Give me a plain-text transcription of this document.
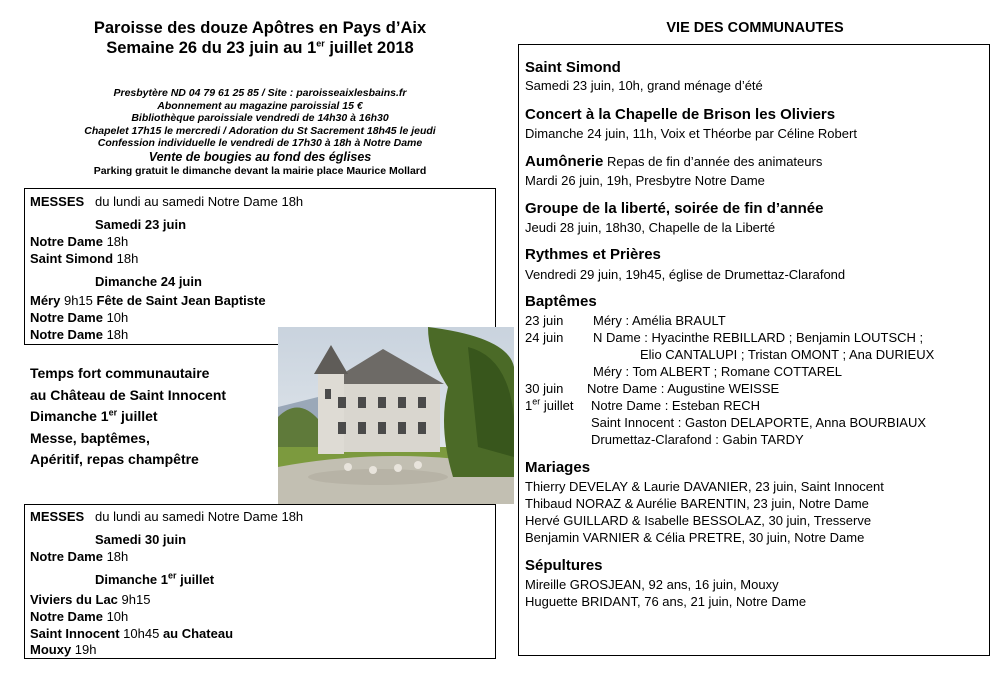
Paroisse des douze Apôtres en Pays d’Aix
Semaine 26 du 23 juin au 1er juillet 2018
Presbytère ND 04 79 61 25 85 / Site : paroisseaixlesbains.fr
Abonnement au magazine paroissial 15 €
Bibliothèque paroissiale vendredi de 14h30 à 16h30
Chapelet 17h15 le mercredi / Adoration du St Sacrement 18h45 le jeudi
Confession individuelle le vendredi de 17h30 à 18h à Notre Dame
Vente de bougies au fond des églises
Parking gratuit le dimanche devant la mairie place Maurice Mollard
MESSES du lundi au samedi Notre Dame 18h
Samedi 23 juin
Notre Dame 18h
Saint Simond 18h
Dimanche 24 juin
Méry 9h15 Fête de Saint Jean Baptiste
Notre Dame 10h
Notre Dame 18h
Temps fort communautaire
au Château de Saint Innocent
Dimanche 1er juillet
Messe, baptêmes,
Apéritif, repas champêtre
MESSES du lundi au samedi Notre Dame 18h
Samedi 30 juin
Notre Dame 18h
Dimanche 1er juillet
Viviers du Lac 9h15
Notre Dame 10h
Saint Innocent 10h45 au Chateau
Mouxy 19h
VIE DES COMMUNAUTES
Saint Simond
Samedi 23 juin, 10h, grand ménage d’été
Concert à la Chapelle de Brison les Oliviers
Dimanche 24 juin, 11h, Voix et Théorbe par Céline Robert
Aumônerie Repas de fin d’année des animateurs
Mardi 26 juin, 19h, Presbytre Notre Dame
Groupe de la liberté, soirée de fin d’année
Jeudi 28 juin, 18h30, Chapelle de la Liberté
Rythmes et Prières
Vendredi 29 juin, 19h45, église de Drumettaz-Clarafond
Baptêmes
23 juin Méry : Amélia BRAULT
24 juin N Dame : Hyacinthe REBILLARD ; Benjamin LOUTSCH ;
Elio CANTALUPI ; Tristan OMONT ; Ana DURIEUX
Méry : Tom ALBERT ; Romane COTTAREL
30 juin Notre Dame : Augustine WEISSE
1er juillet Notre Dame : Esteban RECH
Saint Innocent : Gaston DELAPORTE, Anna BOURBIAUX
Drumettaz-Clarafond : Gabin TARDY
Mariages
Thierry DEVELAY & Laurie DAVANIER, 23 juin, Saint Innocent
Thibaud NORAZ & Aurélie BARENTIN, 23 juin, Notre Dame
Hervé GUILLARD & Isabelle BESSOLAZ, 30 juin, Tresserve
Benjamin VARNIER & Célia PRETRE, 30 juin, Notre Dame
Sépultures
Mireille GROSJEAN, 92 ans, 16 juin, Mouxy
Huguette BRIDANT, 76 ans, 21 juin, Notre Dame
